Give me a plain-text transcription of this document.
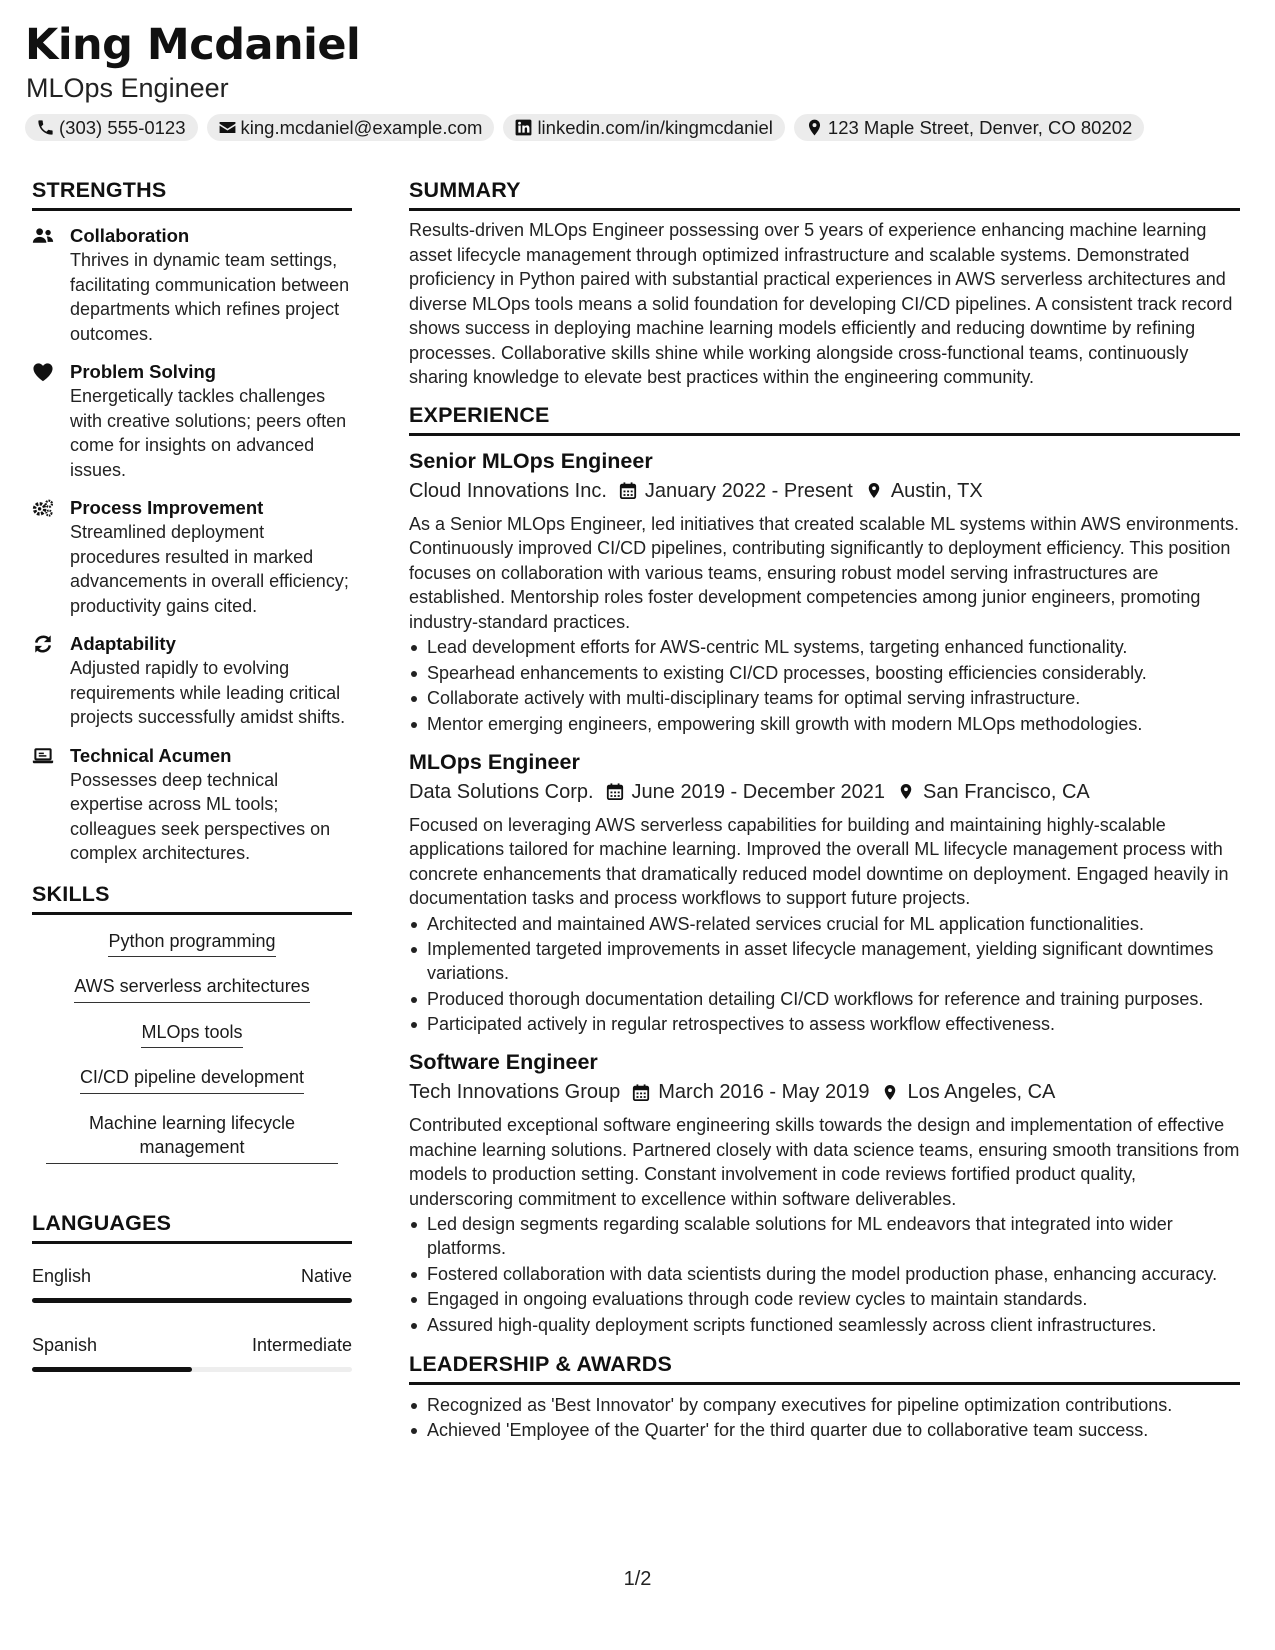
King Mcdaniel
MLOps Engineer
(303) 555-0123	king.mcdaniel@example.com	linkedin.com/in/kingmcdaniel	123 Maple Street, Denver, CO 80202
STRENGTHS
Collaboration
Thrives in dynamic team settings, facilitating communication between departments which refines project outcomes.
Problem Solving
Energetically tackles challenges with creative solutions; peers often come for insights on advanced issues.
Process Improvement
Streamlined deployment procedures resulted in marked advancements in overall efficiency; productivity gains cited.
Adaptability
Adjusted rapidly to evolving requirements while leading critical projects successfully amidst shifts.
Technical Acumen
Possesses deep technical expertise across ML tools; colleagues seek perspectives on complex architectures.
SKILLS
Python programming
AWS serverless architectures
MLOps tools
CI/CD pipeline development
Machine learning lifecycle management
LANGUAGES
English	Native
Spanish	Intermediate
SUMMARY
Results-driven MLOps Engineer possessing over 5 years of experience enhancing machine learning asset lifecycle management through optimized infrastructure and scalable systems. Demonstrated proficiency in Python paired with substantial practical experiences in AWS serverless architectures and diverse MLOps tools means a solid foundation for developing CI/CD pipelines. A consistent track record shows success in deploying machine learning models efficiently and reducing downtime by refining processes. Collaborative skills shine while working alongside cross-functional teams, continuously sharing knowledge to elevate best practices within the engineering community.
EXPERIENCE
Senior MLOps Engineer
Cloud Innovations Inc. January 2022 - Present Austin, TX
As a Senior MLOps Engineer, led initiatives that created scalable ML systems within AWS environments. Continuously improved CI/CD pipelines, contributing significantly to deployment efficiency. This position focuses on collaboration with various teams, ensuring robust model serving infrastructures are established. Mentorship roles foster development competencies among junior engineers, promoting industry-standard practices.
Lead development efforts for AWS-centric ML systems, targeting enhanced functionality.
Spearhead enhancements to existing CI/CD processes, boosting efficiencies considerably.
Collaborate actively with multi-disciplinary teams for optimal serving infrastructure.
Mentor emerging engineers, empowering skill growth with modern MLOps methodologies.
MLOps Engineer
Data Solutions Corp. June 2019 - December 2021 San Francisco, CA
Focused on leveraging AWS serverless capabilities for building and maintaining highly-scalable applications tailored for machine learning. Improved the overall ML lifecycle management process with concrete enhancements that dramatically reduced model downtime on deployment. Engaged heavily in documentation tasks and process workflows to support future projects.
Architected and maintained AWS-related services crucial for ML application functionalities.
Implemented targeted improvements in asset lifecycle management, yielding significant downtimes variations.
Produced thorough documentation detailing CI/CD workflows for reference and training purposes.
Participated actively in regular retrospectives to assess workflow effectiveness.
Software Engineer
Tech Innovations Group March 2016 - May 2019 Los Angeles, CA
Contributed exceptional software engineering skills towards the design and implementation of effective machine learning solutions. Partnered closely with data science teams, ensuring smooth transitions from models to production setting. Constant involvement in code reviews fortified product quality, underscoring commitment to excellence within software deliverables.
Led design segments regarding scalable solutions for ML endeavors that integrated into wider platforms.
Fostered collaboration with data scientists during the model production phase, enhancing accuracy.
Engaged in ongoing evaluations through code review cycles to maintain standards.
Assured high-quality deployment scripts functioned seamlessly across client infrastructures.
LEADERSHIP & AWARDS
Recognized as 'Best Innovator' by company executives for pipeline optimization contributions.
Achieved 'Employee of the Quarter' for the third quarter due to collaborative team success.
1/2
